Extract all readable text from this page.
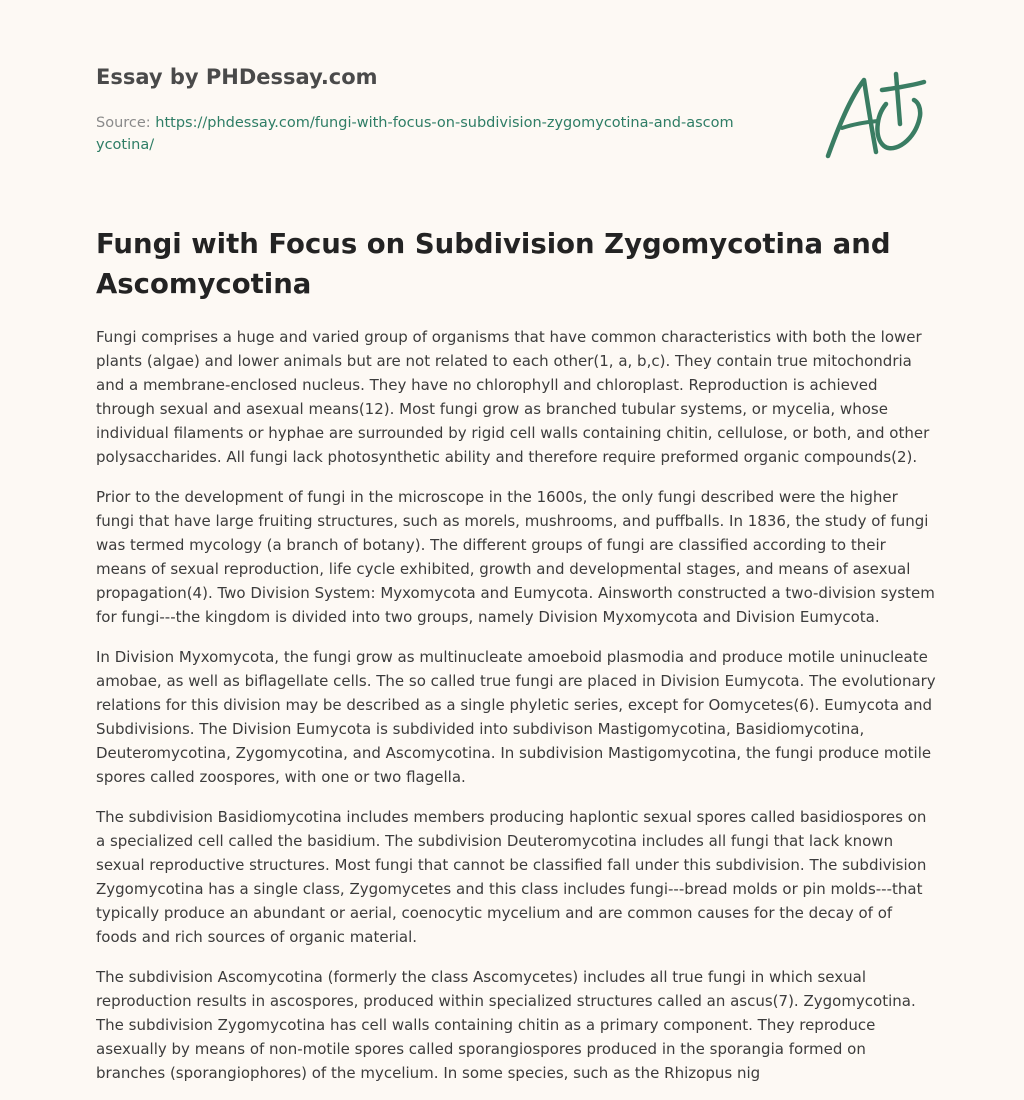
Essay by PHDessay.com
Source: https://phdessay.com/fungi-with-focus-on-subdivision-zygomycotina-and-ascomycotina/
Fungi with Focus on Subdivision Zygomycotina and Ascomycotina

Fungi comprises a huge and varied group of organisms that have common characteristics with both the lower plants (algae) and lower animals but are not related to each other(1, a, b,c). They contain true mitochondria and a membrane-enclosed nucleus. They have no chlorophyll and chloroplast. Reproduction is achieved through sexual and asexual means(12). Most fungi grow as branched tubular systems, or mycelia, whose individual filaments or hyphae are surrounded by rigid cell walls containing chitin, cellulose, or both, and other polysaccharides. All fungi lack photosynthetic ability and therefore require preformed organic compounds(2).

Prior to the development of fungi in the microscope in the 1600s, the only fungi described were the higher fungi that have large fruiting structures, such as morels, mushrooms, and puffballs. In 1836, the study of fungi was termed mycology (a branch of botany). The different groups of fungi are classified according to their means of sexual reproduction, life cycle exhibited, growth and developmental stages, and means of asexual propagation(4). Two Division System: Myxomycota and Eumycota. Ainsworth constructed a two-division system for fungi---the kingdom is divided into two groups, namely Division Myxomycota and Division Eumycota.

In Division Myxomycota, the fungi grow as multinucleate amoeboid plasmodia and produce motile uninucleate amobae, as well as biflagellate cells. The so called true fungi are placed in Division Eumycota. The evolutionary relations for this division may be described as a single phyletic series, except for Oomycetes(6). Eumycota and Subdivisions. The Division Eumycota is subdivided into subdivison Mastigomycotina, Basidiomycotina, Deuteromycotina, Zygomycotina, and Ascomycotina. In subdivision Mastigomycotina, the fungi produce motile spores called zoospores, with one or two flagella.

The subdivision Basidiomycotina includes members producing haplontic sexual spores called basidiospores on a specialized cell called the basidium. The subdivision Deuteromycotina includes all fungi that lack known sexual reproductive structures. Most fungi that cannot be classified fall under this subdivision. The subdivision Zygomycotina has a single class, Zygomycetes and this class includes fungi---bread molds or pin molds---that typically produce an abundant or aerial, coenocytic mycelium and are common causes for the decay of of foods and rich sources of organic material.

The subdivision Ascomycotina (formerly the class Ascomycetes) includes all true fungi in which sexual reproduction results in ascospores, produced within specialized structures called an ascus(7). Zygomycotina. The subdivision Zygomycotina has cell walls containing chitin as a primary component. They reproduce asexually by means of non-motile spores called sporangiospores produced in the sporangia formed on branches (sporangiophores) of the mycelium. In some species, such as the Rhizopus nig
